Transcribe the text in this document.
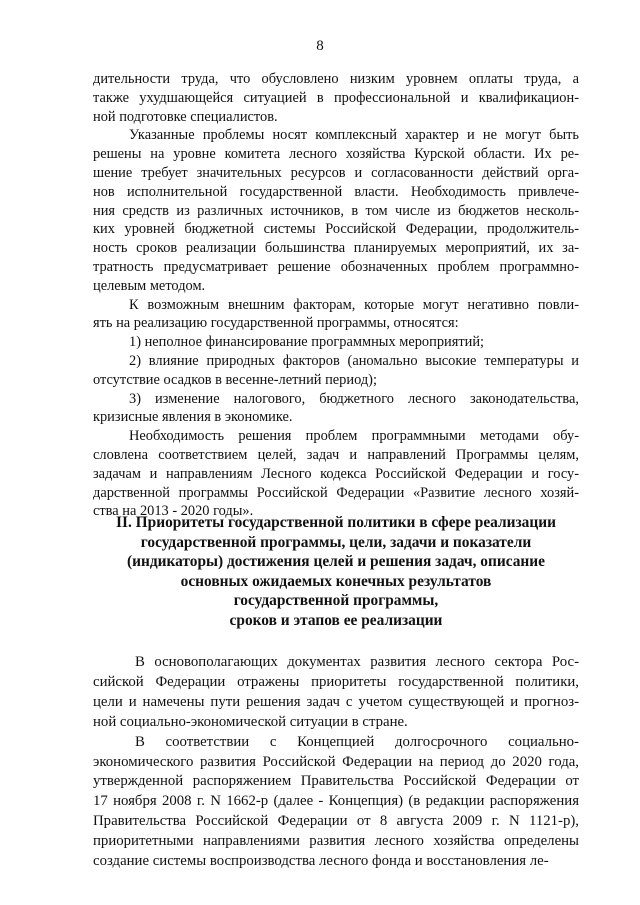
8
дительности труда, что обусловлено низким уровнем оплаты труда, а
также ухудшающейся ситуацией в профессиональной и квалификацион-
ной подготовке специалистов.
Указанные проблемы носят комплексный характер и не могут быть
решены на уровне комитета лесного хозяйства Курской области. Их ре-
шение требует значительных ресурсов и согласованности действий орга-
нов исполнительной государственной власти. Необходимость привлече-
ния средств из различных источников, в том числе из бюджетов несколь-
ких уровней бюджетной системы Российской Федерации, продолжитель-
ность сроков реализации большинства планируемых мероприятий, их за-
тратность предусматривает решение обозначенных проблем программно-
целевым методом.
К возможным внешним факторам, которые могут негативно повли-
ять на реализацию государственной программы, относятся:
1) неполное финансирование программных мероприятий;
2) влияние природных факторов (аномально высокие температуры и
отсутствие осадков в весенне-летний период);
3) изменение налогового, бюджетного лесного законодательства,
кризисные явления в экономике.
Необходимость решения проблем программными методами обу-
словлена соответствием целей, задач и направлений Программы целям,
задачам и направлениям Лесного кодекса Российской Федерации и госу-
дарственной программы Российской Федерации «Развитие лесного хозяй-
ства на 2013 - 2020 годы».
II. Приоритеты государственной политики в сфере реализации
государственной программы, цели, задачи и показатели
(индикаторы) достижения целей и решения задач, описание
основных ожидаемых конечных результатов
государственной программы,
сроков и этапов ее реализации
В основополагающих документах развития лесного сектора Рос-
сийской Федерации отражены приоритеты государственной политики,
цели и намечены пути решения задач с учетом существующей и прогноз-
ной социально-экономической ситуации в стране.
В соответствии с Концепцией долгосрочного социально-
экономического развития Российской Федерации на период до 2020 года,
утвержденной распоряжением Правительства Российской Федерации от
17 ноября 2008 г. N 1662-р (далее - Концепция) (в редакции распоряжения
Правительства Российской Федерации от 8 августа 2009 г. N 1121-р),
приоритетными направлениями развития лесного хозяйства определены
создание системы воспроизводства лесного фонда и восстановления ле-
